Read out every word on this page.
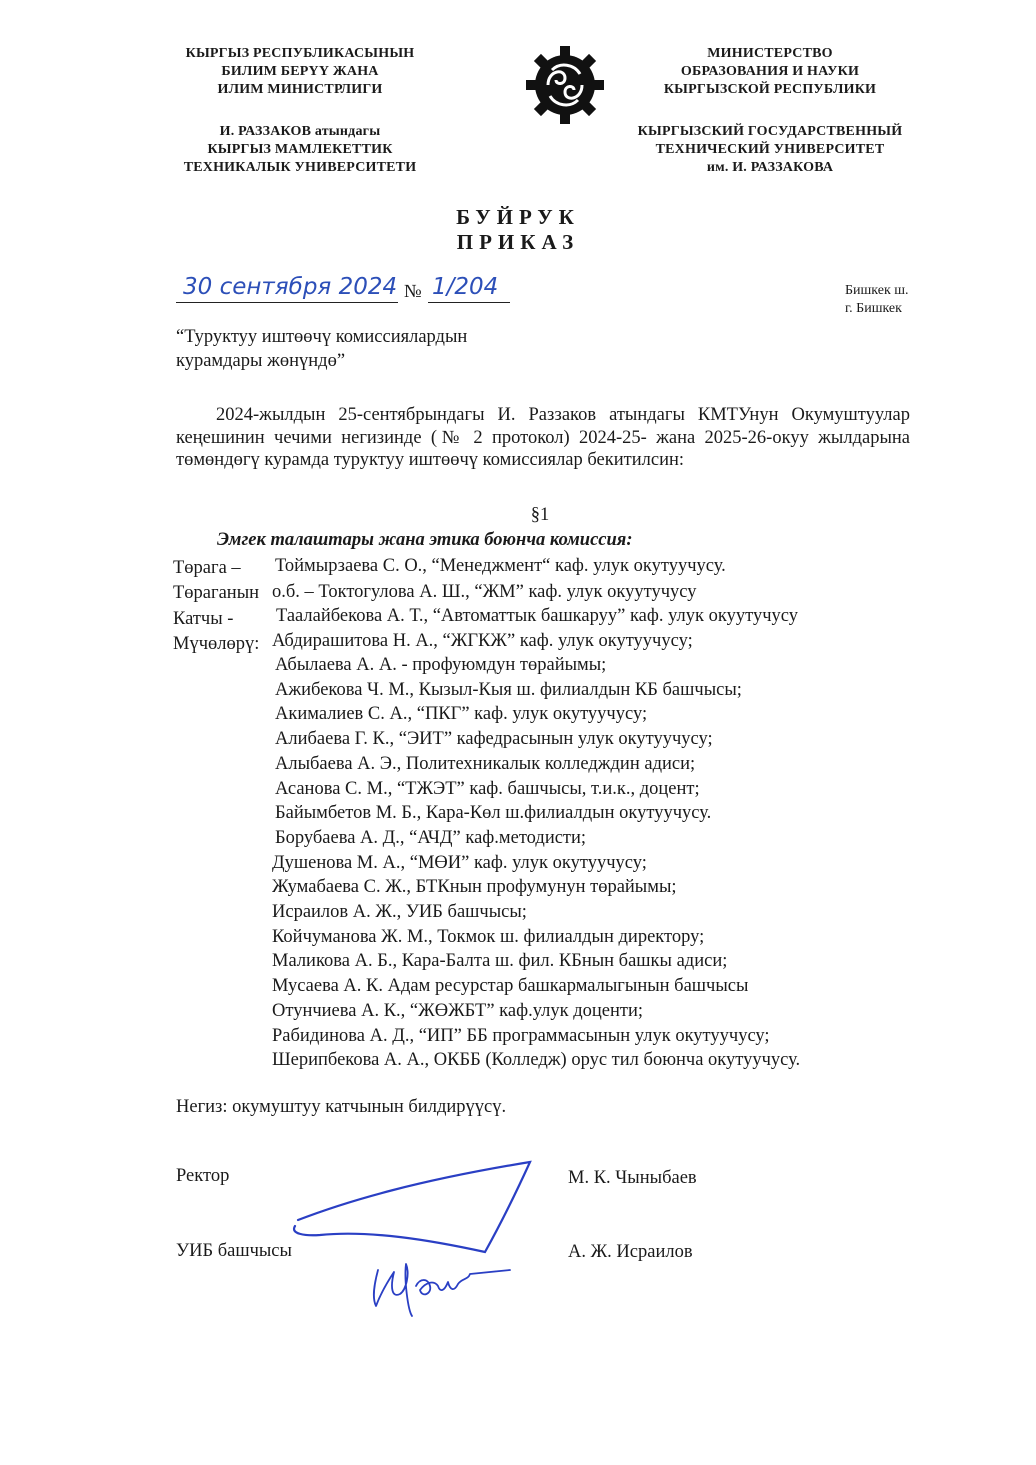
КЫРГЫЗ РЕСПУБЛИКАСЫНЫН
БИЛИМ БЕРҮҮ ЖАНА
ИЛИМ МИНИСТРЛИГИ
И. РАЗЗАКОВ атындагы
КЫРГЫЗ МАМЛЕКЕТТИК
ТЕХНИКАЛЫК УНИВЕРСИТЕТИ
МИНИСТЕРСТВО
ОБРАЗОВАНИЯ И НАУКИ
КЫРГЫЗСКОЙ РЕСПУБЛИКИ
КЫРГЫЗСКИЙ ГОСУДАРСТВЕННЫЙ
ТЕХНИЧЕСКИЙ УНИВЕРСИТЕТ
им. И. РАЗЗАКОВА
БУЙРУК
ПРИКАЗ
30 сентября 2024 № 1/204	Бишкек ш.
г. Бишкек
“Туруктуу иштөөчү комиссиялардын
курамдары жөнүндө”
2024-жылдын 25-сентябрындагы И. Раззаков атындагы КМТУнун Окумуштуулар кеңешинин чечими негизинде (№ 2 протокол) 2024-25- жана 2025-26-окуу жылдарына төмөндөгү курамда туруктуу иштөөчү комиссиялар бекитилсин:
§1
Эмгек талаштары жана этика боюнча комиссия:
Төрага – Тоймырзаева С. О., “Менеджмент“ каф. улук окутуучусу.
Төраганын о.б. – Токтогулова А. Ш., “ЖМ” каф. улук окуутучусу
Катчы - Таалайбекова А. Т., “Автоматтык башкаруу” каф. улук окуутучусу
Мүчөлөрү: Абдирашитова Н. А., “ЖГКЖ” каф. улук окутуучусу;
Абылаева А. А. - профуюмдун төрайымы;
Ажибекова Ч. М., Кызыл-Кыя ш. филиалдын КБ башчысы;
Акималиев С. А., “ПКГ” каф. улук окутуучусу;
Алибаева Г. К., “ЭИТ” кафедрасынын улук окутуучусу;
Алыбаева А. Э., Политехникалык колледждин адиси;
Асанова С. М., “ТЖЭТ” каф. башчысы, т.и.к., доцент;
Байымбетов М. Б., Кара-Көл ш.филиалдын окутуучусу.
Борубаева А. Д., “АЧД” каф.методисти;
Душенова М. А., “МӨИ” каф. улук окутуучусу;
Жумабаева С. Ж., БТКнын профумунун төрайымы;
Исраилов А. Ж., УИБ башчысы;
Койчуманова Ж. М., Токмок ш. филиалдын директору;
Маликова А. Б., Кара-Балта ш. фил. КБнын башкы адиси;
Мусаева А. К. Адам ресурстар башкармалыгынын башчысы
Отунчиева А. К., “ЖӨЖБТ” каф.улук доценти;
Рабидинова А. Д., “ИП” ББ программасынын улук окутуучусу;
Шерипбекова А. А., ОКББ (Колледж) орус тил боюнча окутуучусу.
Негиз: окумуштуу катчынын билдирүүсү.
Ректор	М. К. Чыныбаев
УИБ башчысы	А. Ж. Исраилов
